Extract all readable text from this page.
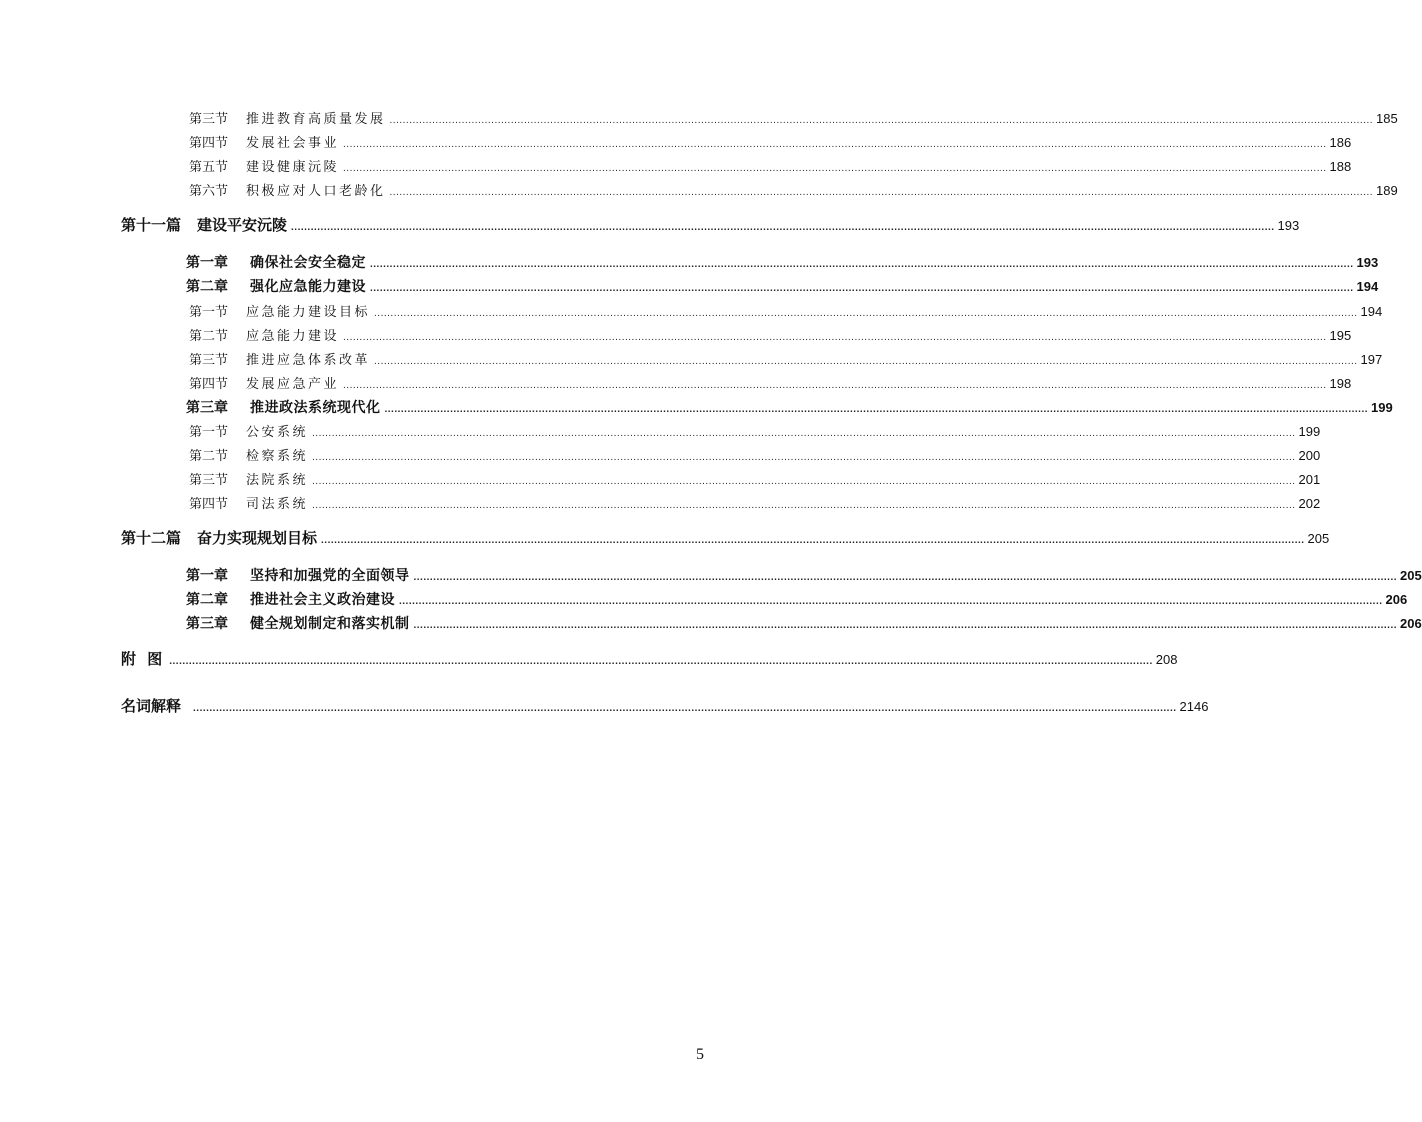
第三节 推进教育高质量发展 ............................................................................................................................................................................................................................................................................................................ 185
第四节 发展社会事业 ............................................................................................................................................................................................................................................................................................................ 186
第五节 建设健康沅陵 ............................................................................................................................................................................................................................................................................................................ 188
第六节 积极应对人口老龄化 ............................................................................................................................................................................................................................................................................................................ 189
第十一篇 建设平安沅陵 ............................................................................................................................................................................................................................................................................................................ 193
第一章 确保社会安全稳定 ............................................................................................................................................................................................................................................................................................................ 193
第二章 强化应急能力建设 ............................................................................................................................................................................................................................................................................................................ 194
第一节 应急能力建设目标 ............................................................................................................................................................................................................................................................................................................ 194
第二节 应急能力建设 ............................................................................................................................................................................................................................................................................................................ 195
第三节 推进应急体系改革 ............................................................................................................................................................................................................................................................................................................ 197
第四节 发展应急产业 ............................................................................................................................................................................................................................................................................................................ 198
第三章 推进政法系统现代化 ............................................................................................................................................................................................................................................................................................................ 199
第一节 公安系统 ............................................................................................................................................................................................................................................................................................................ 199
第二节 检察系统 ............................................................................................................................................................................................................................................................................................................ 200
第三节 法院系统 ............................................................................................................................................................................................................................................................................................................ 201
第四节 司法系统 ............................................................................................................................................................................................................................................................................................................ 202
第十二篇 奋力实现规划目标 ............................................................................................................................................................................................................................................................................................................ 205
第一章 坚持和加强党的全面领导 ............................................................................................................................................................................................................................................................................................................ 205
第二章 推进社会主义政治建设 ............................................................................................................................................................................................................................................................................................................ 206
第三章 健全规划制定和落实机制 ............................................................................................................................................................................................................................................................................................................ 206
附 图 ............................................................................................................................................................................................................................................................................................................ 208
名词解释 ............................................................................................................................................................................................................................................................................................................ 2146
5
